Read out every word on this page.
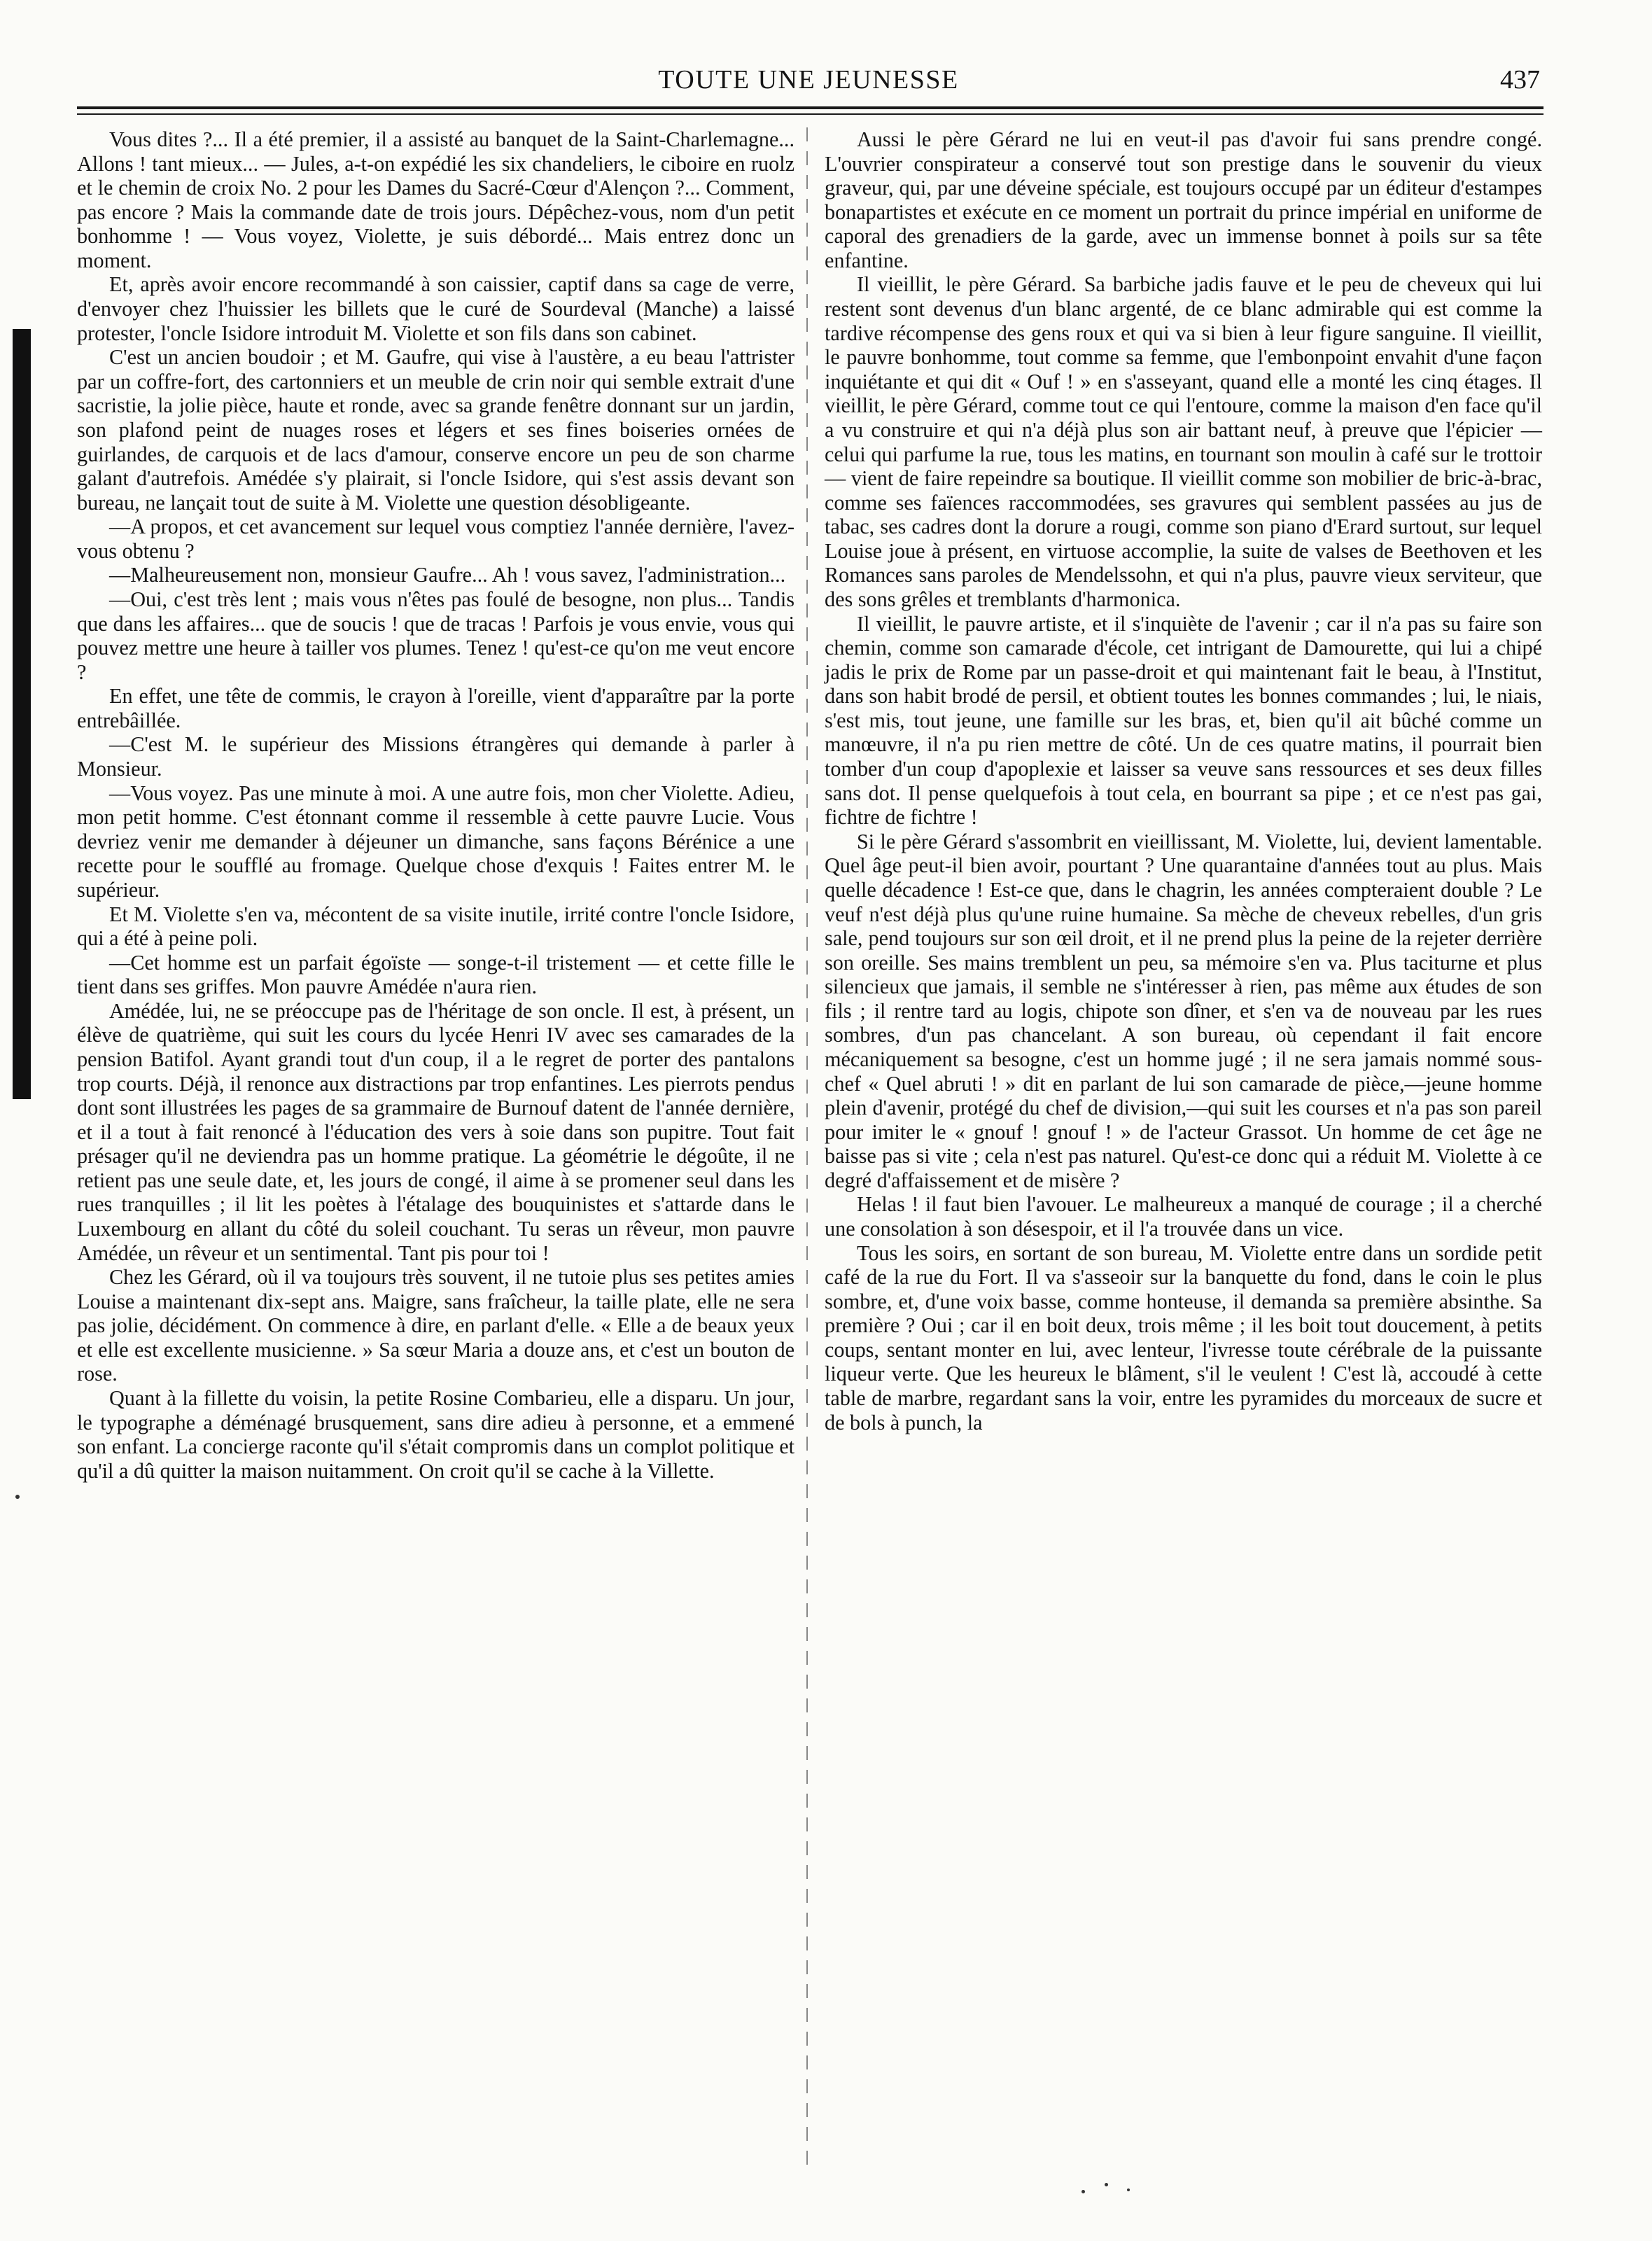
TOUTE UNE JEUNESSE	437

Vous dites ?... Il a été premier, il a assisté au banquet de la Saint-Charlemagne... Allons ! tant mieux... — Jules, a-t-on expédié les six chandeliers, le ciboire en ruolz et le chemin de croix No. 2 pour les Dames du Sacré-Cœur d'Alençon ?... Comment, pas encore ? Mais la commande date de trois jours. Dépêchez-vous, nom d'un petit bonhomme ! — Vous voyez, Violette, je suis débordé... Mais entrez donc un moment.

Et, après avoir encore recommandé à son caissier, captif dans sa cage de verre, d'envoyer chez l'huissier les billets que le curé de Sourdeval (Manche) a laissé protester, l'oncle Isidore introduit M. Violette et son fils dans son cabinet.

C'est un ancien boudoir ; et M. Gaufre, qui vise à l'austère, a eu beau l'attrister par un coffre-fort, des cartonniers et un meuble de crin noir qui semble extrait d'une sacristie, la jolie pièce, haute et ronde, avec sa grande fenêtre donnant sur un jardin, son plafond peint de nuages roses et légers et ses fines boiseries ornées de guirlandes, de carquois et de lacs d'amour, conserve encore un peu de son charme galant d'autrefois. Amédée s'y plairait, si l'oncle Isidore, qui s'est assis devant son bureau, ne lançait tout de suite à M. Violette une question désobligeante.

—A propos, et cet avancement sur lequel vous comptiez l'année dernière, l'avez-vous obtenu ?

—Malheureusement non, monsieur Gaufre... Ah ! vous savez, l'administration...

—Oui, c'est très lent ; mais vous n'êtes pas foulé de besogne, non plus... Tandis que dans les affaires... que de soucis ! que de tracas ! Parfois je vous envie, vous qui pouvez mettre une heure à tailler vos plumes. Tenez ! qu'est-ce qu'on me veut encore ?

En effet, une tête de commis, le crayon à l'oreille, vient d'apparaître par la porte entrebâillée.

—C'est M. le supérieur des Missions étrangères qui demande à parler à Monsieur.

—Vous voyez. Pas une minute à moi. A une autre fois, mon cher Violette. Adieu, mon petit homme. C'est étonnant comme il ressemble à cette pauvre Lucie. Vous devriez venir me demander à déjeuner un dimanche, sans façons Bérénice a une recette pour le soufflé au fromage. Quelque chose d'exquis ! Faites entrer M. le supérieur.

Et M. Violette s'en va, mécontent de sa visite inutile, irrité contre l'oncle Isidore, qui a été à peine poli.

—Cet homme est un parfait égoïste — songe-t-il tristement — et cette fille le tient dans ses griffes. Mon pauvre Amédée n'aura rien.

Amédée, lui, ne se préoccupe pas de l'héritage de son oncle. Il est, à présent, un élève de quatrième, qui suit les cours du lycée Henri IV avec ses camarades de la pension Batifol. Ayant grandi tout d'un coup, il a le regret de porter des pantalons trop courts. Déjà, il renonce aux distractions par trop enfantines. Les pierrots pendus dont sont illustrées les pages de sa grammaire de Burnouf datent de l'année dernière, et il a tout à fait renoncé à l'éducation des vers à soie dans son pupitre. Tout fait présager qu'il ne deviendra pas un homme pratique. La géométrie le dégoûte, il ne retient pas une seule date, et, les jours de congé, il aime à se promener seul dans les rues tranquilles ; il lit les poètes à l'étalage des bouquinistes et s'attarde dans le Luxembourg en allant du côté du soleil couchant. Tu seras un rêveur, mon pauvre Amédée, un rêveur et un sentimental. Tant pis pour toi !

Chez les Gérard, où il va toujours très souvent, il ne tutoie plus ses petites amies Louise a maintenant dix-sept ans. Maigre, sans fraîcheur, la taille plate, elle ne sera pas jolie, décidément. On commence à dire, en parlant d'elle. « Elle a de beaux yeux et elle est excellente musicienne. » Sa sœur Maria a douze ans, et c'est un bouton de rose.

Quant à la fillette du voisin, la petite Rosine Combarieu, elle a disparu. Un jour, le typographe a déménagé brusquement, sans dire adieu à personne, et a emmené son enfant. La concierge raconte qu'il s'était compromis dans un complot politique et qu'il a dû quitter la maison nuitamment. On croit qu'il se cache à la Villette.

Aussi le père Gérard ne lui en veut-il pas d'avoir fui sans prendre congé. L'ouvrier conspirateur a conservé tout son prestige dans le souvenir du vieux graveur, qui, par une déveine spéciale, est toujours occupé par un éditeur d'estampes bonapartistes et exécute en ce moment un portrait du prince impérial en uniforme de caporal des grenadiers de la garde, avec un immense bonnet à poils sur sa tête enfantine.

Il vieillit, le père Gérard. Sa barbiche jadis fauve et le peu de cheveux qui lui restent sont devenus d'un blanc argenté, de ce blanc admirable qui est comme la tardive récompense des gens roux et qui va si bien à leur figure sanguine. Il vieillit, le pauvre bonhomme, tout comme sa femme, que l'embonpoint envahit d'une façon inquiétante et qui dit « Ouf ! » en s'asseyant, quand elle a monté les cinq étages. Il vieillit, le père Gérard, comme tout ce qui l'entoure, comme la maison d'en face qu'il a vu construire et qui n'a déjà plus son air battant neuf, à preuve que l'épicier — celui qui parfume la rue, tous les matins, en tournant son moulin à café sur le trottoir — vient de faire repeindre sa boutique. Il vieillit comme son mobilier de bric-à-brac, comme ses faïences raccommodées, ses gravures qui semblent passées au jus de tabac, ses cadres dont la dorure a rougi, comme son piano d'Erard surtout, sur lequel Louise joue à présent, en virtuose accomplie, la suite de valses de Beethoven et les Romances sans paroles de Mendelssohn, et qui n'a plus, pauvre vieux serviteur, que des sons grêles et tremblants d'harmonica.

Il vieillit, le pauvre artiste, et il s'inquiète de l'avenir ; car il n'a pas su faire son chemin, comme son camarade d'école, cet intrigant de Damourette, qui lui a chipé jadis le prix de Rome par un passe-droit et qui maintenant fait le beau, à l'Institut, dans son habit brodé de persil, et obtient toutes les bonnes commandes ; lui, le niais, s'est mis, tout jeune, une famille sur les bras, et, bien qu'il ait bûché comme un manœuvre, il n'a pu rien mettre de côté. Un de ces quatre matins, il pourrait bien tomber d'un coup d'apoplexie et laisser sa veuve sans ressources et ses deux filles sans dot. Il pense quelquefois à tout cela, en bourrant sa pipe ; et ce n'est pas gai, fichtre de fichtre !

Si le père Gérard s'assombrit en vieillissant, M. Violette, lui, devient lamentable. Quel âge peut-il bien avoir, pourtant ? Une quarantaine d'années tout au plus. Mais quelle décadence ! Est-ce que, dans le chagrin, les années compteraient double ? Le veuf n'est déjà plus qu'une ruine humaine. Sa mèche de cheveux rebelles, d'un gris sale, pend toujours sur son œil droit, et il ne prend plus la peine de la rejeter derrière son oreille. Ses mains tremblent un peu, sa mémoire s'en va. Plus taciturne et plus silencieux que jamais, il semble ne s'intéresser à rien, pas même aux études de son fils ; il rentre tard au logis, chipote son dîner, et s'en va de nouveau par les rues sombres, d'un pas chancelant. A son bureau, où cependant il fait encore mécaniquement sa besogne, c'est un homme jugé ; il ne sera jamais nommé sous-chef « Quel abruti ! » dit en parlant de lui son camarade de pièce,—jeune homme plein d'avenir, protégé du chef de division,—qui suit les courses et n'a pas son pareil pour imiter le « gnouf ! gnouf ! » de l'acteur Grassot. Un homme de cet âge ne baisse pas si vite ; cela n'est pas naturel. Qu'est-ce donc qui a réduit M. Violette à ce degré d'affaissement et de misère ?

Helas ! il faut bien l'avouer. Le malheureux a manqué de courage ; il a cherché une consolation à son désespoir, et il l'a trouvée dans un vice.

Tous les soirs, en sortant de son bureau, M. Violette entre dans un sordide petit café de la rue du Fort. Il va s'asseoir sur la banquette du fond, dans le coin le plus sombre, et, d'une voix basse, comme honteuse, il demanda sa première absinthe. Sa première ? Oui ; car il en boit deux, trois même ; il les boit tout doucement, à petits coups, sentant monter en lui, avec lenteur, l'ivresse toute cérébrale de la puissante liqueur verte. Que les heureux le blâment, s'il le veulent ! C'est là, accoudé à cette table de marbre, regardant sans la voir, entre les pyramides du morceaux de sucre et de bols à punch, la
